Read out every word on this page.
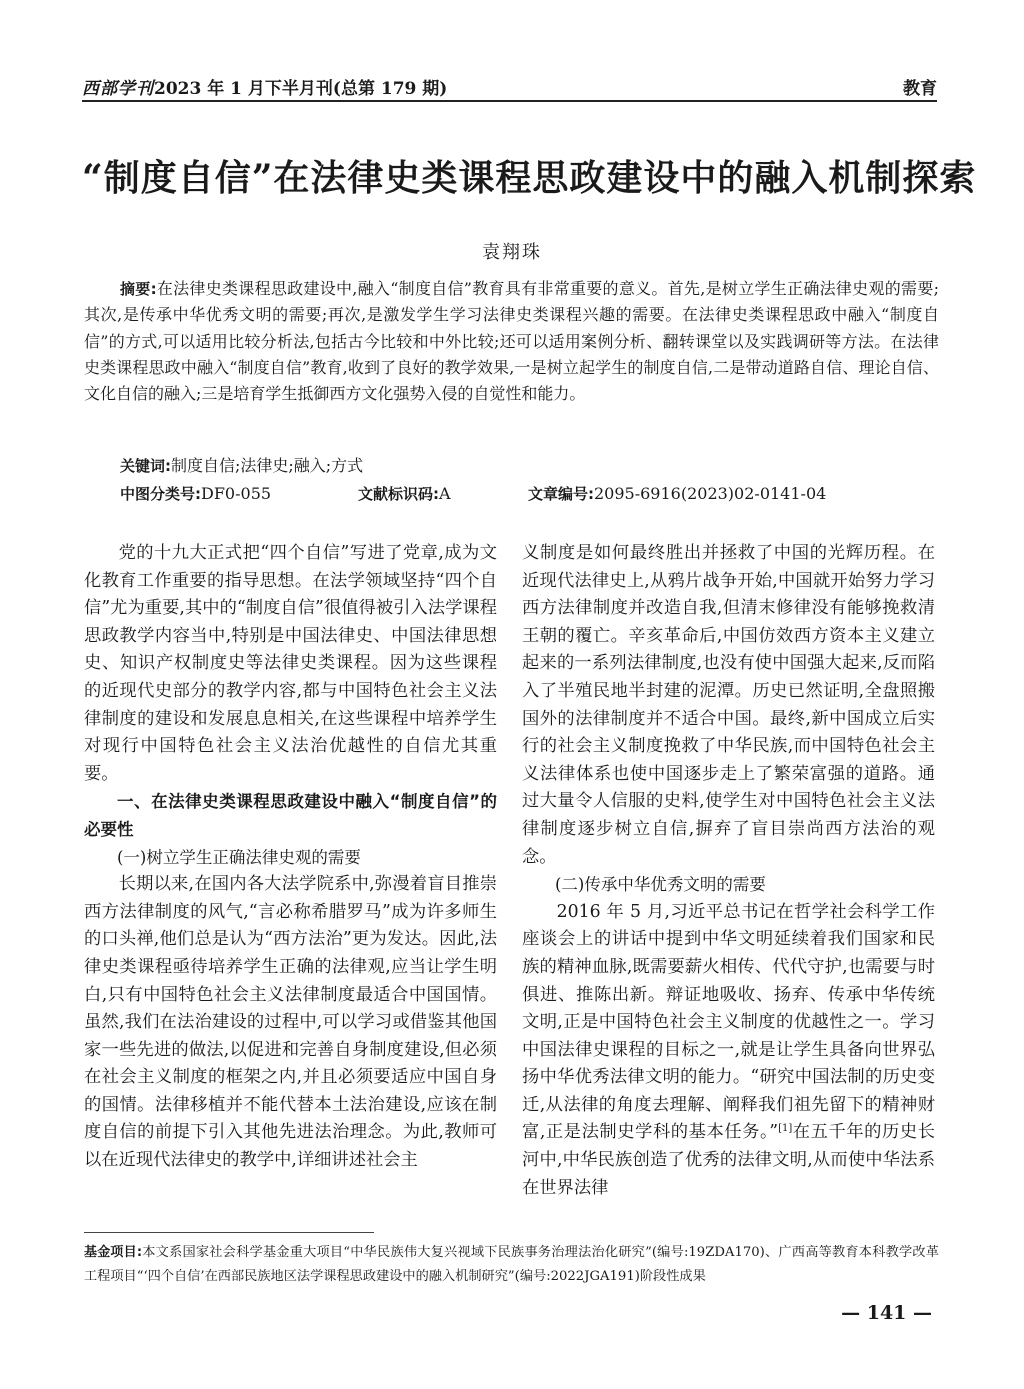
西部学刊2023 年 1 月下半月刊(总第 179 期)	教育
“制度自信”在法律史类课程思政建设中的融入机制探索
袁翔珠
摘要:在法律史类课程思政建设中,融入“制度自信”教育具有非常重要的意义。首先,是树立学生正确法律史观的需要;其次,是传承中华优秀文明的需要;再次,是激发学生学习法律史类课程兴趣的需要。在法律史类课程思政中融入“制度自信”的方式,可以适用比较分析法,包括古今比较和中外比较;还可以适用案例分析、翻转课堂以及实践调研等方法。在法律史类课程思政中融入“制度自信”教育,收到了良好的教学效果,一是树立起学生的制度自信,二是带动道路自信、理论自信、文化自信的融入;三是培育学生抵御西方文化强势入侵的自觉性和能力。
关键词:制度自信;法律史;融入;方式
中图分类号:DF0-055	文献标识码:A	文章编号:2095-6916(2023)02-0141-04

党的十九大正式把“四个自信”写进了党章,成为文化教育工作重要的指导思想。在法学领域坚持“四个自信”尤为重要,其中的“制度自信”很值得被引入法学课程思政教学内容当中,特别是中国法律史、中国法律思想史、知识产权制度史等法律史类课程。因为这些课程的近现代史部分的教学内容,都与中国特色社会主义法律制度的建设和发展息息相关,在这些课程中培养学生对现行中国特色社会主义法治优越性的自信尤其重要。

一、在法律史类课程思政建设中融入“制度自信”的必要性
(一)树立学生正确法律史观的需要

长期以来,在国内各大法学院系中,弥漫着盲目推崇西方法律制度的风气,“言必称希腊罗马”成为许多师生的口头禅,他们总是认为“西方法治”更为发达。因此,法律史类课程亟待培养学生正确的法律观,应当让学生明白,只有中国特色社会主义法律制度最适合中国国情。虽然,我们在法治建设的过程中,可以学习或借鉴其他国家一些先进的做法,以促进和完善自身制度建设,但必须在社会主义制度的框架之内,并且必须要适应中国自身的国情。法律移植并不能代替本土法治建设,应该在制度自信的前提下引入其他先进法治理念。为此,教师可以在近现代法律史的教学中,详细讲述社会主

义制度是如何最终胜出并拯救了中国的光辉历程。在近现代法律史上,从鸦片战争开始,中国就开始努力学习西方法律制度并改造自我,但清末修律没有能够挽救清王朝的覆亡。辛亥革命后,中国仿效西方资本主义建立起来的一系列法律制度,也没有使中国强大起来,反而陷入了半殖民地半封建的泥潭。历史已然证明,全盘照搬国外的法律制度并不适合中国。最终,新中国成立后实行的社会主义制度挽救了中华民族,而中国特色社会主义法律体系也使中国逐步走上了繁荣富强的道路。通过大量令人信服的史料,使学生对中国特色社会主义法律制度逐步树立自信,摒弃了盲目崇尚西方法治的观念。

(二)传承中华优秀文明的需要

2016 年 5 月,习近平总书记在哲学社会科学工作座谈会上的讲话中提到中华文明延续着我们国家和民族的精神血脉,既需要薪火相传、代代守护,也需要与时俱进、推陈出新。辩证地吸收、扬弃、传承中华传统文明,正是中国特色社会主义制度的优越性之一。学习中国法律史课程的目标之一,就是让学生具备向世界弘扬中华优秀法律文明的能力。“研究中国法制的历史变迁,从法律的角度去理解、阐释我们祖先留下的精神财富,正是法制史学科的基本任务。”[1]在五千年的历史长河中,中华民族创造了优秀的法律文明,从而使中华法系在世界法律

基金项目:本文系国家社会科学基金重大项目“中华民族伟大复兴视域下民族事务治理法治化研究”(编号:19ZDA170)、广西高等教育本科教学改革工程项目“‘四个自信’在西部民族地区法学课程思政建设中的融入机制研究”(编号:2022JGA191)阶段性成果
— 141 —
